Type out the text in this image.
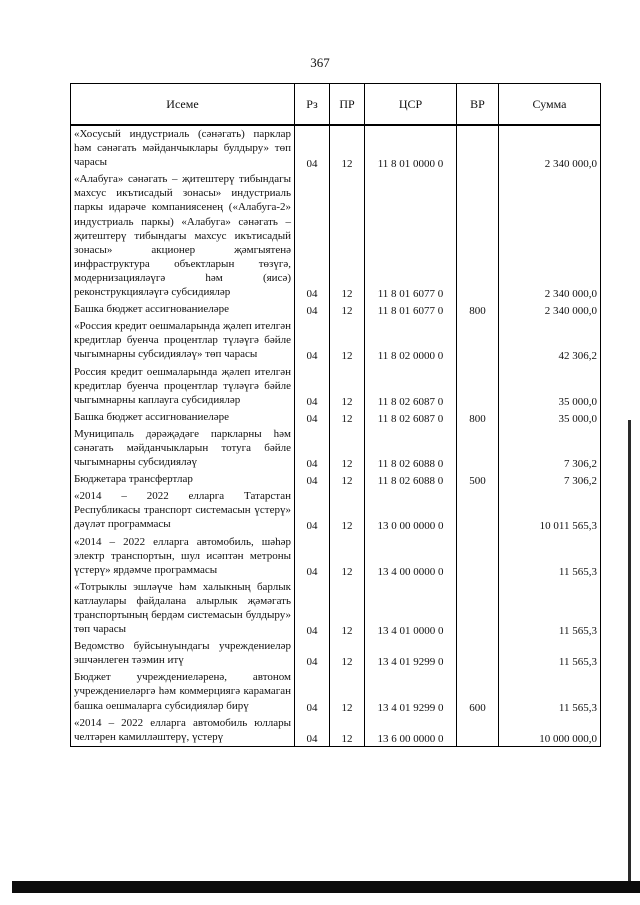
367
Исеме	Рз	ПР	ЦСР	ВР	Сумма
«Хосусый индустриаль (сәнәгать) парклар һәм сәнәгать мәйданчыклары булдыру» төп чарасы	04	12	11 8 01 0000 0		2 340 000,0
«Алабуга» сәнәгать – җитештерү тибындагы махсус икътисадый зонасы» индустриаль паркы идарәче компаниясенең («Алабуга-2» индустриаль паркы) «Алабуга» сәнәгать – җитештерү тибындагы махсус икътисадый зонасы» акционер җәмгыятенә инфраструктура объектларын төзүгә, модернизацияләүгә һәм (яисә) реконструкцияләүгә субсидияләр	04	12	11 8 01 6077 0		2 340 000,0
Башка бюджет ассигнованиеләре	04	12	11 8 01 6077 0	800	2 340 000,0
«Россия кредит оешмаларында җәлеп ителгән кредитлар буенча процентлар түләүгә бәйле чыгымнарны субсидияләү» төп чарасы	04	12	11 8 02 0000 0		42 306,2
Россия кредит оешмаларында җәлеп ителгән кредитлар буенча процентлар түләүгә бәйле чыгымнарны каплауга субсидияләр	04	12	11 8 02 6087 0		35 000,0
Башка бюджет ассигнованиеләре	04	12	11 8 02 6087 0	800	35 000,0
Муниципаль дәрәҗәдәге паркларны һәм сәнәгать мәйданчыкларын тотуга бәйле чыгымнарны субсидияләү	04	12	11 8 02 6088 0		7 306,2
Бюджетара трансфертлар	04	12	11 8 02 6088 0	500	7 306,2
«2014 – 2022 елларга Татарстан Республикасы транспорт системасын үстерү» дәүләт программасы	04	12	13 0 00 0000 0		10 011 565,3
«2014 – 2022 елларга автомобиль, шәһәр электр транспортын, шул исәптән метроны үстерү» ярдәмче программасы	04	12	13 4 00 0000 0		11 565,3
«Тотрыклы эшләүче һәм халыкның барлык катлаулары файдалана алырлык җәмәгать транспортының бердәм системасын булдыру» төп чарасы	04	12	13 4 01 0000 0		11 565,3
Ведомство буйсынуындагы учреждениеләр эшчәнлеген тәэмин итү	04	12	13 4 01 9299 0		11 565,3
Бюджет учреждениеләренә, автоном учреждениеләргә һәм коммерциягә карамаган башка оешмаларга субсидияләр бирү	04	12	13 4 01 9299 0	600	11 565,3
«2014 – 2022 елларга автомобиль юллары челтәрен камилләштерү, үстерү	04	12	13 6 00 0000 0		10 000 000,0
